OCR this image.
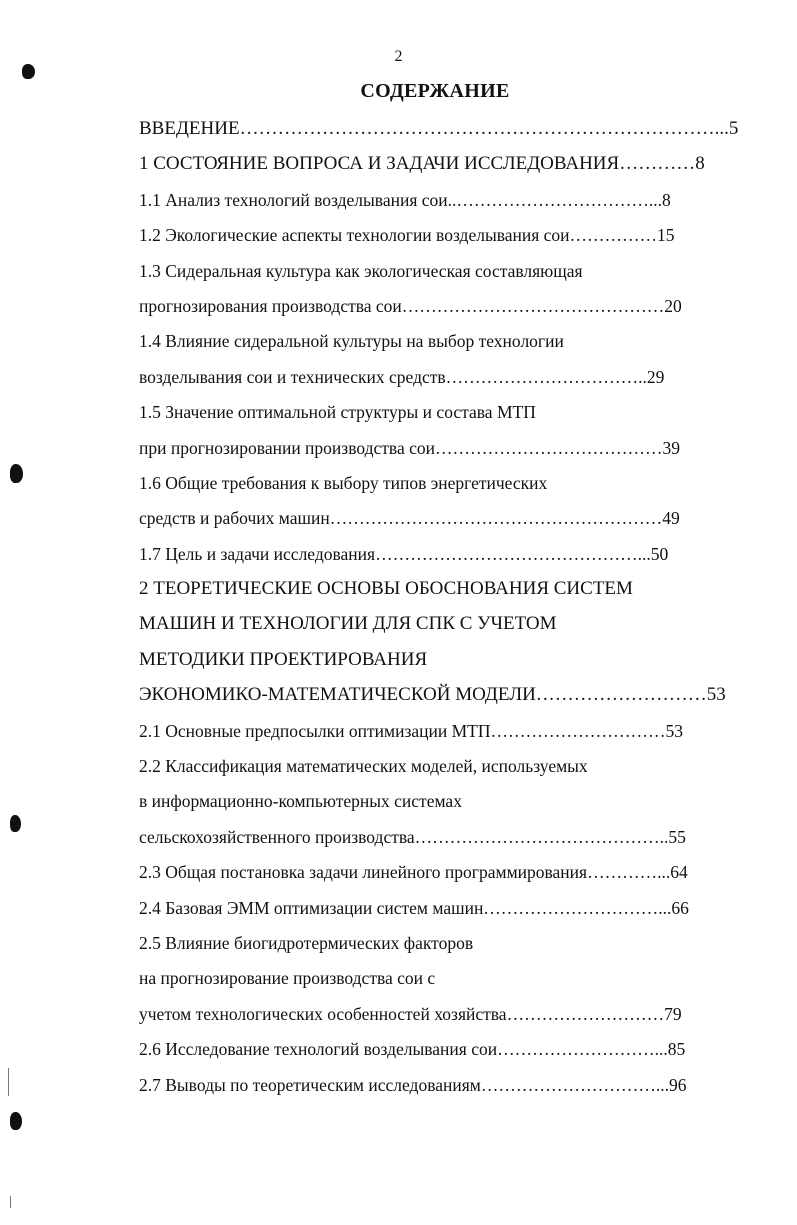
2
СОДЕРЖАНИЕ
ВВЕДЕНИЕ…………………………………………………………………...5
1 СОСТОЯНИЕ ВОПРОСА И ЗАДАЧИ ИССЛЕДОВАНИЯ…………8
1.1 Анализ технологий возделывания сои..……………………………...8
1.2 Экологические аспекты технологии возделывания сои……………15
1.3 Сидеральная культура как экологическая составляющая
прогнозирования производства сои………………………………………20
1.4 Влияние сидеральной культуры на выбор технологии
возделывания сои и технических средств……………………………..29
1.5 Значение оптимальной структуры и состава МТП
при прогнозировании производства сои…………………………………39
1.6 Общие требования к выбору типов энергетических
средств и рабочих машин…………………………………………………49
1.7 Цель и задачи исследования………………………………………...50
2 ТЕОРЕТИЧЕСКИЕ ОСНОВЫ ОБОСНОВАНИЯ СИСТЕМ
МАШИН И ТЕХНОЛОГИИ ДЛЯ СПК С УЧЕТОМ
МЕТОДИКИ ПРОЕКТИРОВАНИЯ
ЭКОНОМИКО-МАТЕМАТИЧЕСКОЙ МОДЕЛИ………………………53
2.1 Основные предпосылки оптимизации МТП…………………………53
2.2 Классификация математических моделей, используемых
в информационно-компьютерных системах
сельскохозяйственного производства……………………………………..55
2.3 Общая постановка задачи линейного программирования…………...64
2.4 Базовая ЭММ оптимизации систем машин…………………………...66
2.5 Влияние биогидротермических факторов
на прогнозирование производства сои с
учетом технологических особенностей хозяйства………………………79
2.6 Исследование технологий возделывания сои………………………...85
2.7 Выводы по теоретическим исследованиям…………………………...96
